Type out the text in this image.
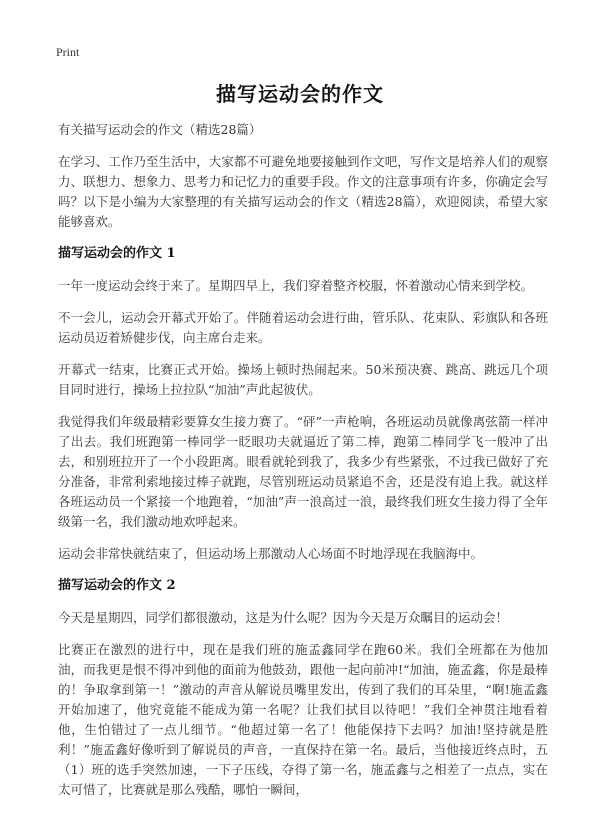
Print
描写运动会的作文

有关描写运动会的作文（精选28篇）

在学习、工作乃至生活中，大家都不可避免地要接触到作文吧，写作文是培养人们的观察力、联想力、想象力、思考力和记忆力的重要手段。作文的注意事项有许多，你确定会写吗？以下是小编为大家整理的有关描写运动会的作文（精选28篇），欢迎阅读，希望大家能够喜欢。

描写运动会的作文 1

一年一度运动会终于来了。星期四早上，我们穿着整齐校服，怀着激动心情来到学校。

不一会儿，运动会开幕式开始了。伴随着运动会进行曲，管乐队、花束队、彩旗队和各班运动员迈着矫健步伐，向主席台走来。

开幕式一结束，比赛正式开始。操场上顿时热闹起来。50米预决赛、跳高、跳远几个项目同时进行，操场上拉拉队“加油”声此起彼伏。

我觉得我们年级最精彩要算女生接力赛了。“砰”一声枪响，各班运动员就像离弦箭一样冲了出去。我们班跑第一棒同学一眨眼功夫就逼近了第二棒，跑第二棒同学飞一般冲了出去，和别班拉开了一个小段距离。眼看就轮到我了，我多少有些紧张，不过我已做好了充分准备，非常利索地接过棒子就跑，尽管别班运动员紧追不舍，还是没有追上我。就这样各班运动员一个紧接一个地跑着，“加油”声一浪高过一浪，最终我们班女生接力得了全年级第一名，我们激动地欢呼起来。

运动会非常快就结束了，但运动场上那激动人心场面不时地浮现在我脑海中。

描写运动会的作文 2

今天是星期四，同学们都很激动，这是为什么呢？因为今天是万众瞩目的运动会！

比赛正在激烈的进行中，现在是我们班的施孟鑫同学在跑60米。我们全班都在为他加油，而我更是恨不得冲到他的面前为他鼓劲，跟他一起向前冲!“加油，施孟鑫，你是最棒的！争取拿到第一！”激动的声音从解说员嘴里发出，传到了我们的耳朵里，“啊!施孟鑫开始加速了，他究竟能不能成为第一名呢？让我们拭目以待吧！”我们全神贯注地看着他，生怕错过了一点儿细节。“他超过第一名了！他能保持下去吗？加油!坚持就是胜利！”施孟鑫好像听到了解说员的声音，一直保持在第一名。最后，当他接近终点时，五（1）班的选手突然加速，一下子压线，夺得了第一名，施孟鑫与之相差了一点点，实在太可惜了，比赛就是那么残酷，哪怕一瞬间，
